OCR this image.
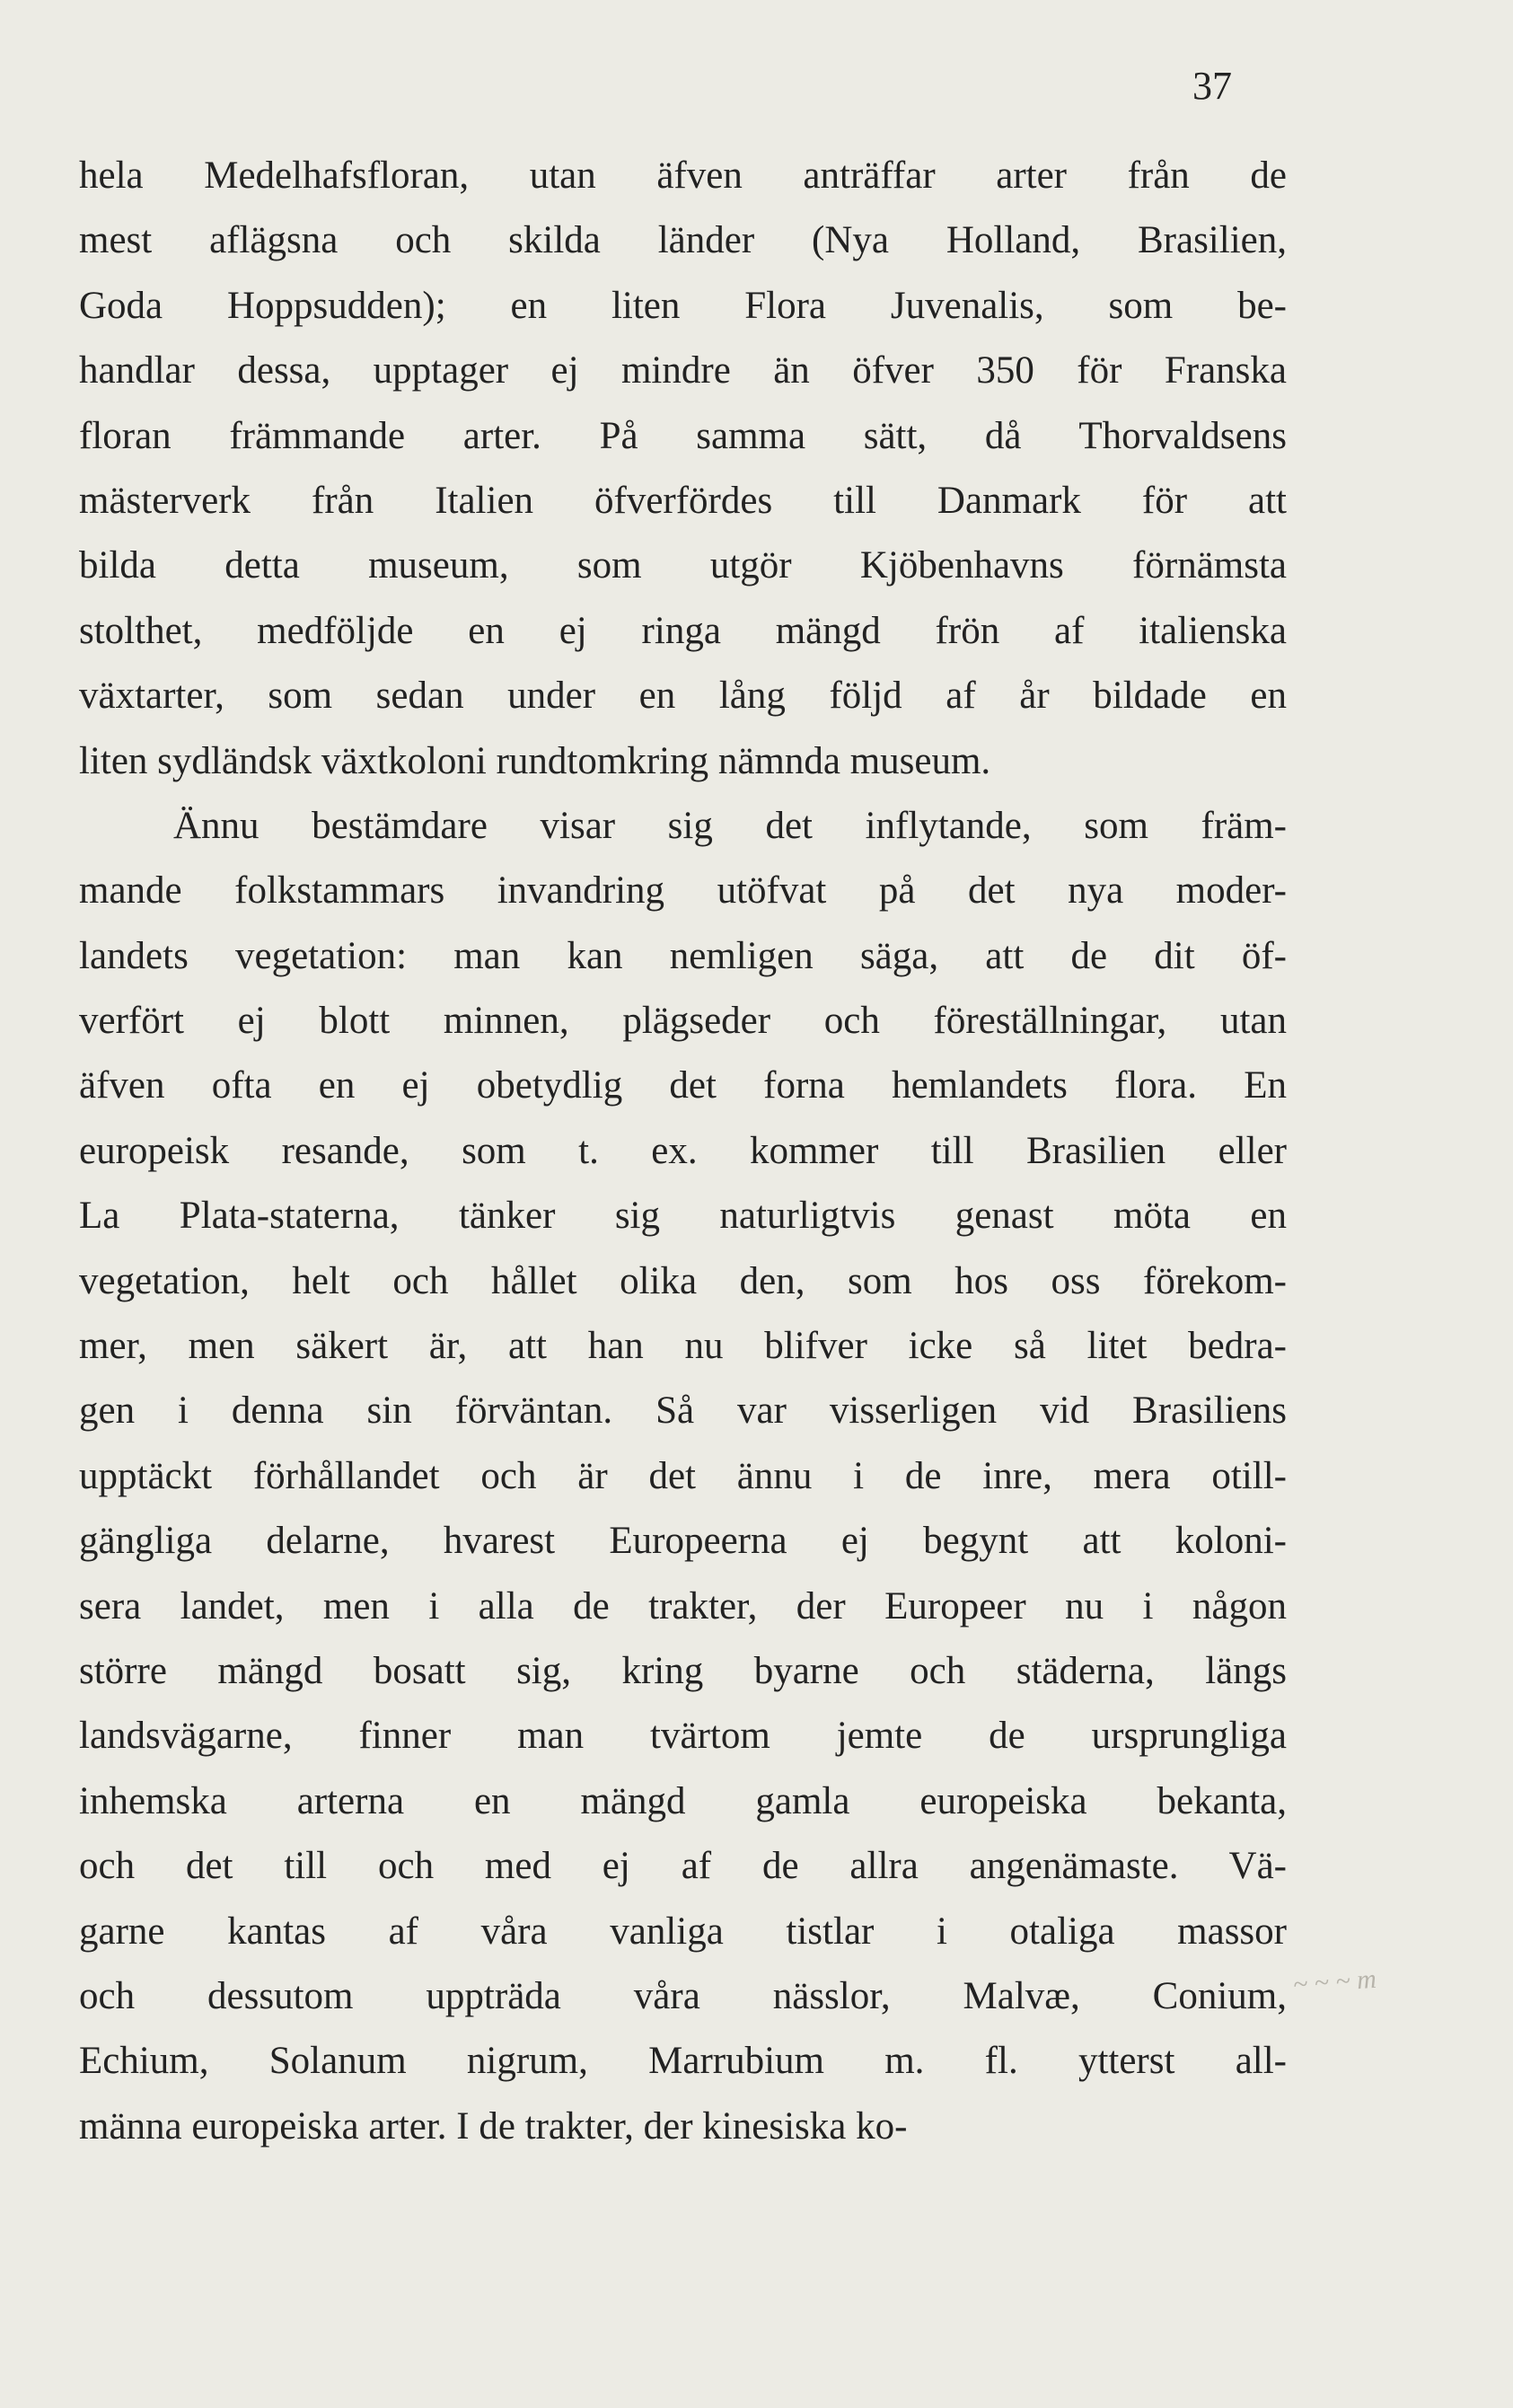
37
hela Medelhafsfloran, utan äfven anträffar arter från de
mest aflägsna och skilda länder (Nya Holland, Brasilien,
Goda Hoppsudden); en liten Flora Juvenalis, som be-
handlar dessa, upptager ej mindre än öfver 350 för Franska
floran främmande arter. På samma sätt, då Thorvaldsens
mästerverk från Italien öfverfördes till Danmark för att
bilda detta museum, som utgör Kjöbenhavns förnämsta
stolthet, medföljde en ej ringa mängd frön af italienska
växtarter, som sedan under en lång följd af år bildade en
liten sydländsk växtkoloni rundtomkring nämnda museum.
Ännu bestämdare visar sig det inflytande, som främ-
mande folkstammars invandring utöfvat på det nya moder-
landets vegetation: man kan nemligen säga, att de dit öf-
verfört ej blott minnen, plägseder och föreställningar, utan
äfven ofta en ej obetydlig det forna hemlandets flora. En
europeisk resande, som t. ex. kommer till Brasilien eller
La Plata-staterna, tänker sig naturligtvis genast möta en
vegetation, helt och hållet olika den, som hos oss förekom-
mer, men säkert är, att han nu blifver icke så litet bedra-
gen i denna sin förväntan. Så var visserligen vid Brasiliens
upptäckt förhållandet och är det ännu i de inre, mera otill-
gängliga delarne, hvarest Europeerna ej begynt att koloni-
sera landet, men i alla de trakter, der Europeer nu i någon
större mängd bosatt sig, kring byarne och städerna, längs
landsvägarne, finner man tvärtom jemte de ursprungliga
inhemska arterna en mängd gamla europeiska bekanta,
och det till och med ej af de allra angenämaste. Vä-
garne kantas af våra vanliga tistlar i otaliga massor
och dessutom uppträda våra nässlor, Malvæ, Conium,
Echium, Solanum nigrum, Marrubium m. fl. ytterst all-
männa europeiska arter. I de trakter, der kinesiska ko-
~ ~ ~ m
